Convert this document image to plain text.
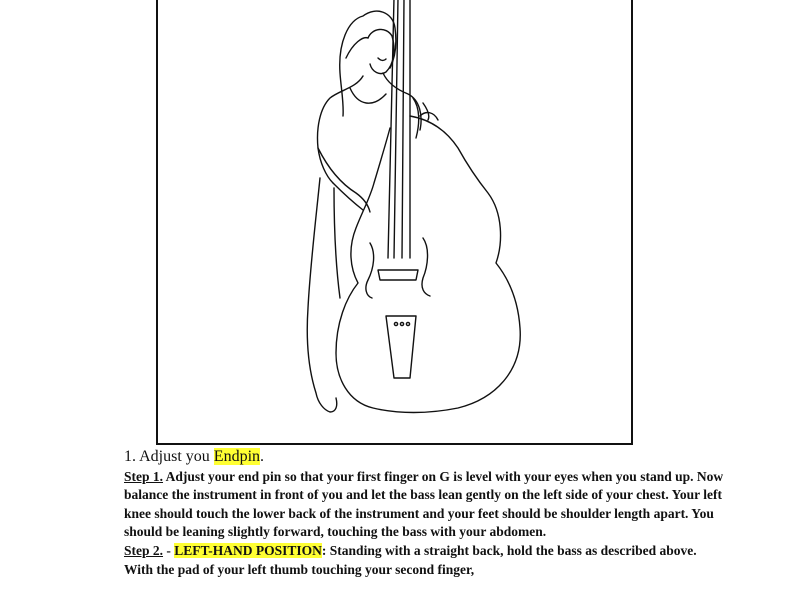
1. Adjust you Endpin.

Step 1. Adjust your end pin so that your first finger on G is level with your eyes when you stand up. Now balance the instrument in front of you and let the bass lean gently on the left side of your chest. Your left knee should touch the lower back of the instrument and your feet should be shoulder length apart. You should be leaning slightly forward, touching the bass with your abdomen.

Step 2. - LEFT-HAND POSITION: Standing with a straight back, hold the bass as described above. With the pad of your left thumb touching your second finger,
